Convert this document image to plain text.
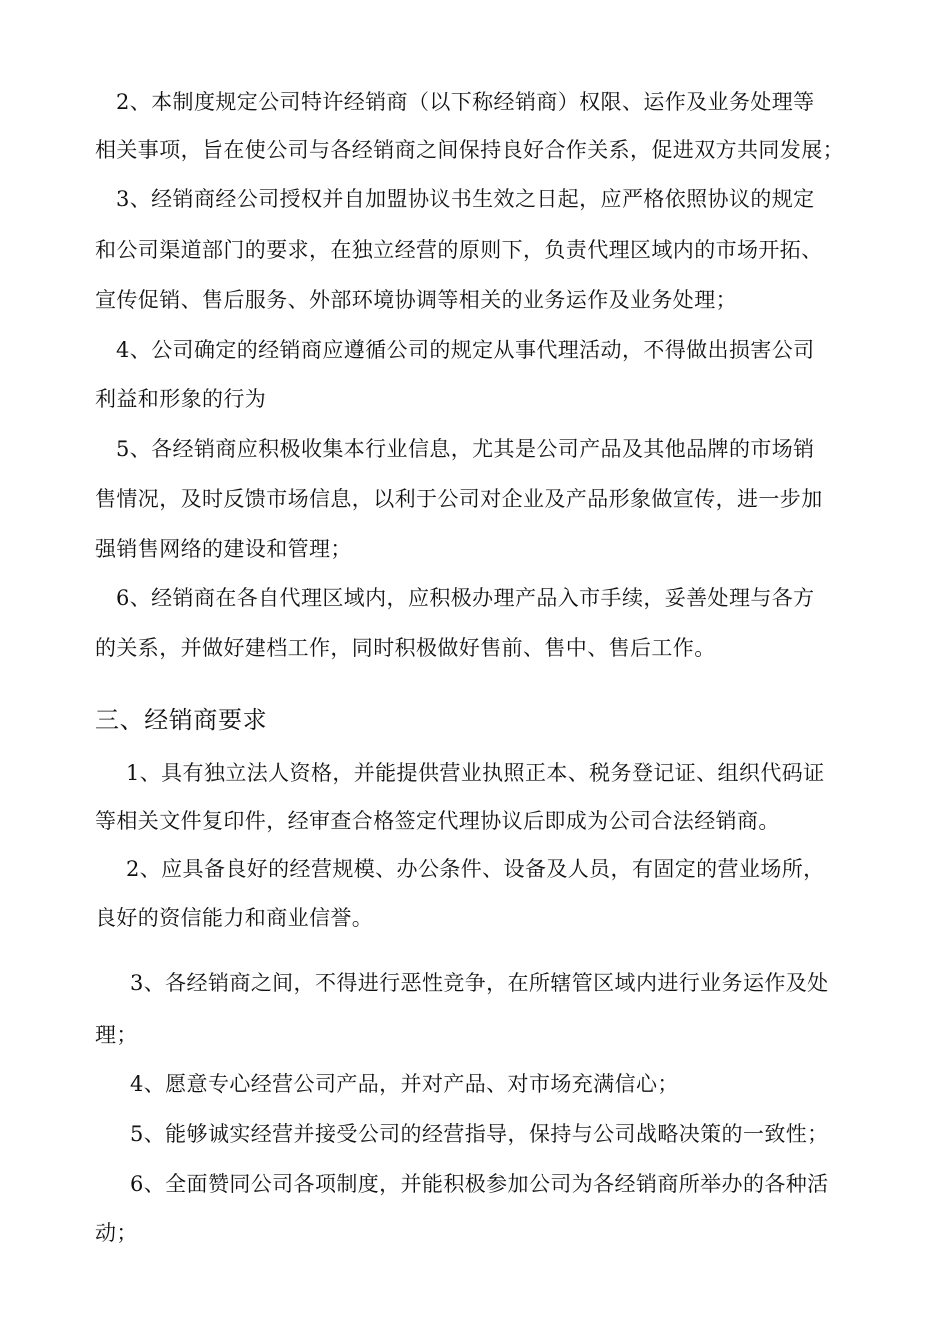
2、本制度规定公司特许经销商（以下称经销商）权限、运作及业务处理等
相关事项，旨在使公司与各经销商之间保持良好合作关系，促进双方共同发展；
3、经销商经公司授权并自加盟协议书生效之日起，应严格依照协议的规定
和公司渠道部门的要求，在独立经营的原则下，负责代理区域内的市场开拓、
宣传促销、售后服务、外部环境协调等相关的业务运作及业务处理；
4、公司确定的经销商应遵循公司的规定从事代理活动，不得做出损害公司
利益和形象的行为
5、各经销商应积极收集本行业信息，尤其是公司产品及其他品牌的市场销
售情况，及时反馈市场信息，以利于公司对企业及产品形象做宣传，进一步加
强销售网络的建设和管理；
6、经销商在各自代理区域内，应积极办理产品入市手续，妥善处理与各方
的关系，并做好建档工作，同时积极做好售前、售中、售后工作。
三、经销商要求
1、具有独立法人资格，并能提供营业执照正本、税务登记证、组织代码证
等相关文件复印件，经审查合格签定代理协议后即成为公司合法经销商。
2、应具备良好的经营规模、办公条件、设备及人员，有固定的营业场所，
良好的资信能力和商业信誉。
3、各经销商之间，不得进行恶性竞争，在所辖管区域内进行业务运作及处
理；
4、愿意专心经营公司产品，并对产品、对市场充满信心；
5、能够诚实经营并接受公司的经营指导，保持与公司战略决策的一致性；
6、全面赞同公司各项制度，并能积极参加公司为各经销商所举办的各种活
动；
